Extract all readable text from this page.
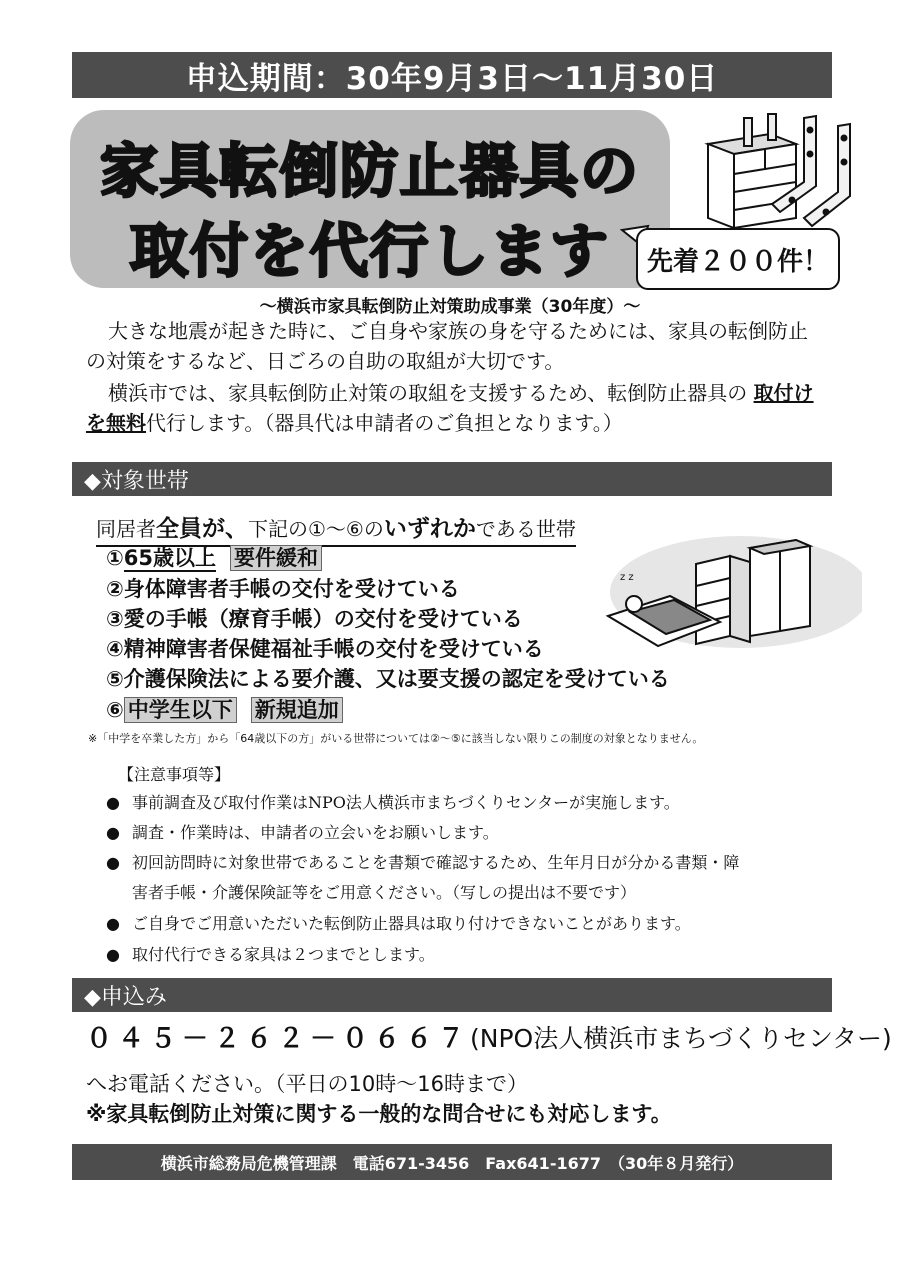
申込期間：30年9月3日～11月30日
家具転倒防止器具の
取付を代行します	先着２００件！
～横浜市家具転倒防止対策助成事業（30年度）～
大きな地震が起きた時に、ご自身や家族の身を守るためには、家具の転倒防止の対策をするなど、日ごろの自助の取組が大切です。
横浜市では、家具転倒防止対策の取組を支援するため、転倒防止器具の 取付けを無料代行します。（器具代は申請者のご負担となります。）
◆対象世帯
同居者全員が、下記の①～⑥のいずれかである世帯
①65歳以上 要件緩和
②身体障害者手帳の交付を受けている
③愛の手帳（療育手帳）の交付を受けている
④精神障害者保健福祉手帳の交付を受けている
⑤介護保険法による要介護、又は要支援の認定を受けている
⑥ 中学生以下 新規追加
z z
※「中学を卒業した方」から「64歳以下の方」がいる世帯については②～⑤に該当しない限りこの制度の対象となりません。
【注意事項等】
● 事前調査及び取付作業はNPO法人横浜市まちづくりセンターが実施します。
● 調査・作業時は、申請者の立会いをお願いします。
● 初回訪問時に対象世帯であることを書類で確認するため、生年月日が分かる書類・障
害者手帳・介護保険証等をご用意ください。（写しの提出は不要です）
● ご自身でご用意いただいた転倒防止器具は取り付けできないことがあります。
● 取付代行できる家具は２つまでとします。
◆申込み
０４５－２６２－０６６７(NPO法人横浜市まちづくりセンター)
へお電話ください。（平日の10時～16時まで）
※家具転倒防止対策に関する一般的な問合せにも対応します。
横浜市総務局危機管理課　電話671-3456　Fax641-1677　（30年８月発行）
